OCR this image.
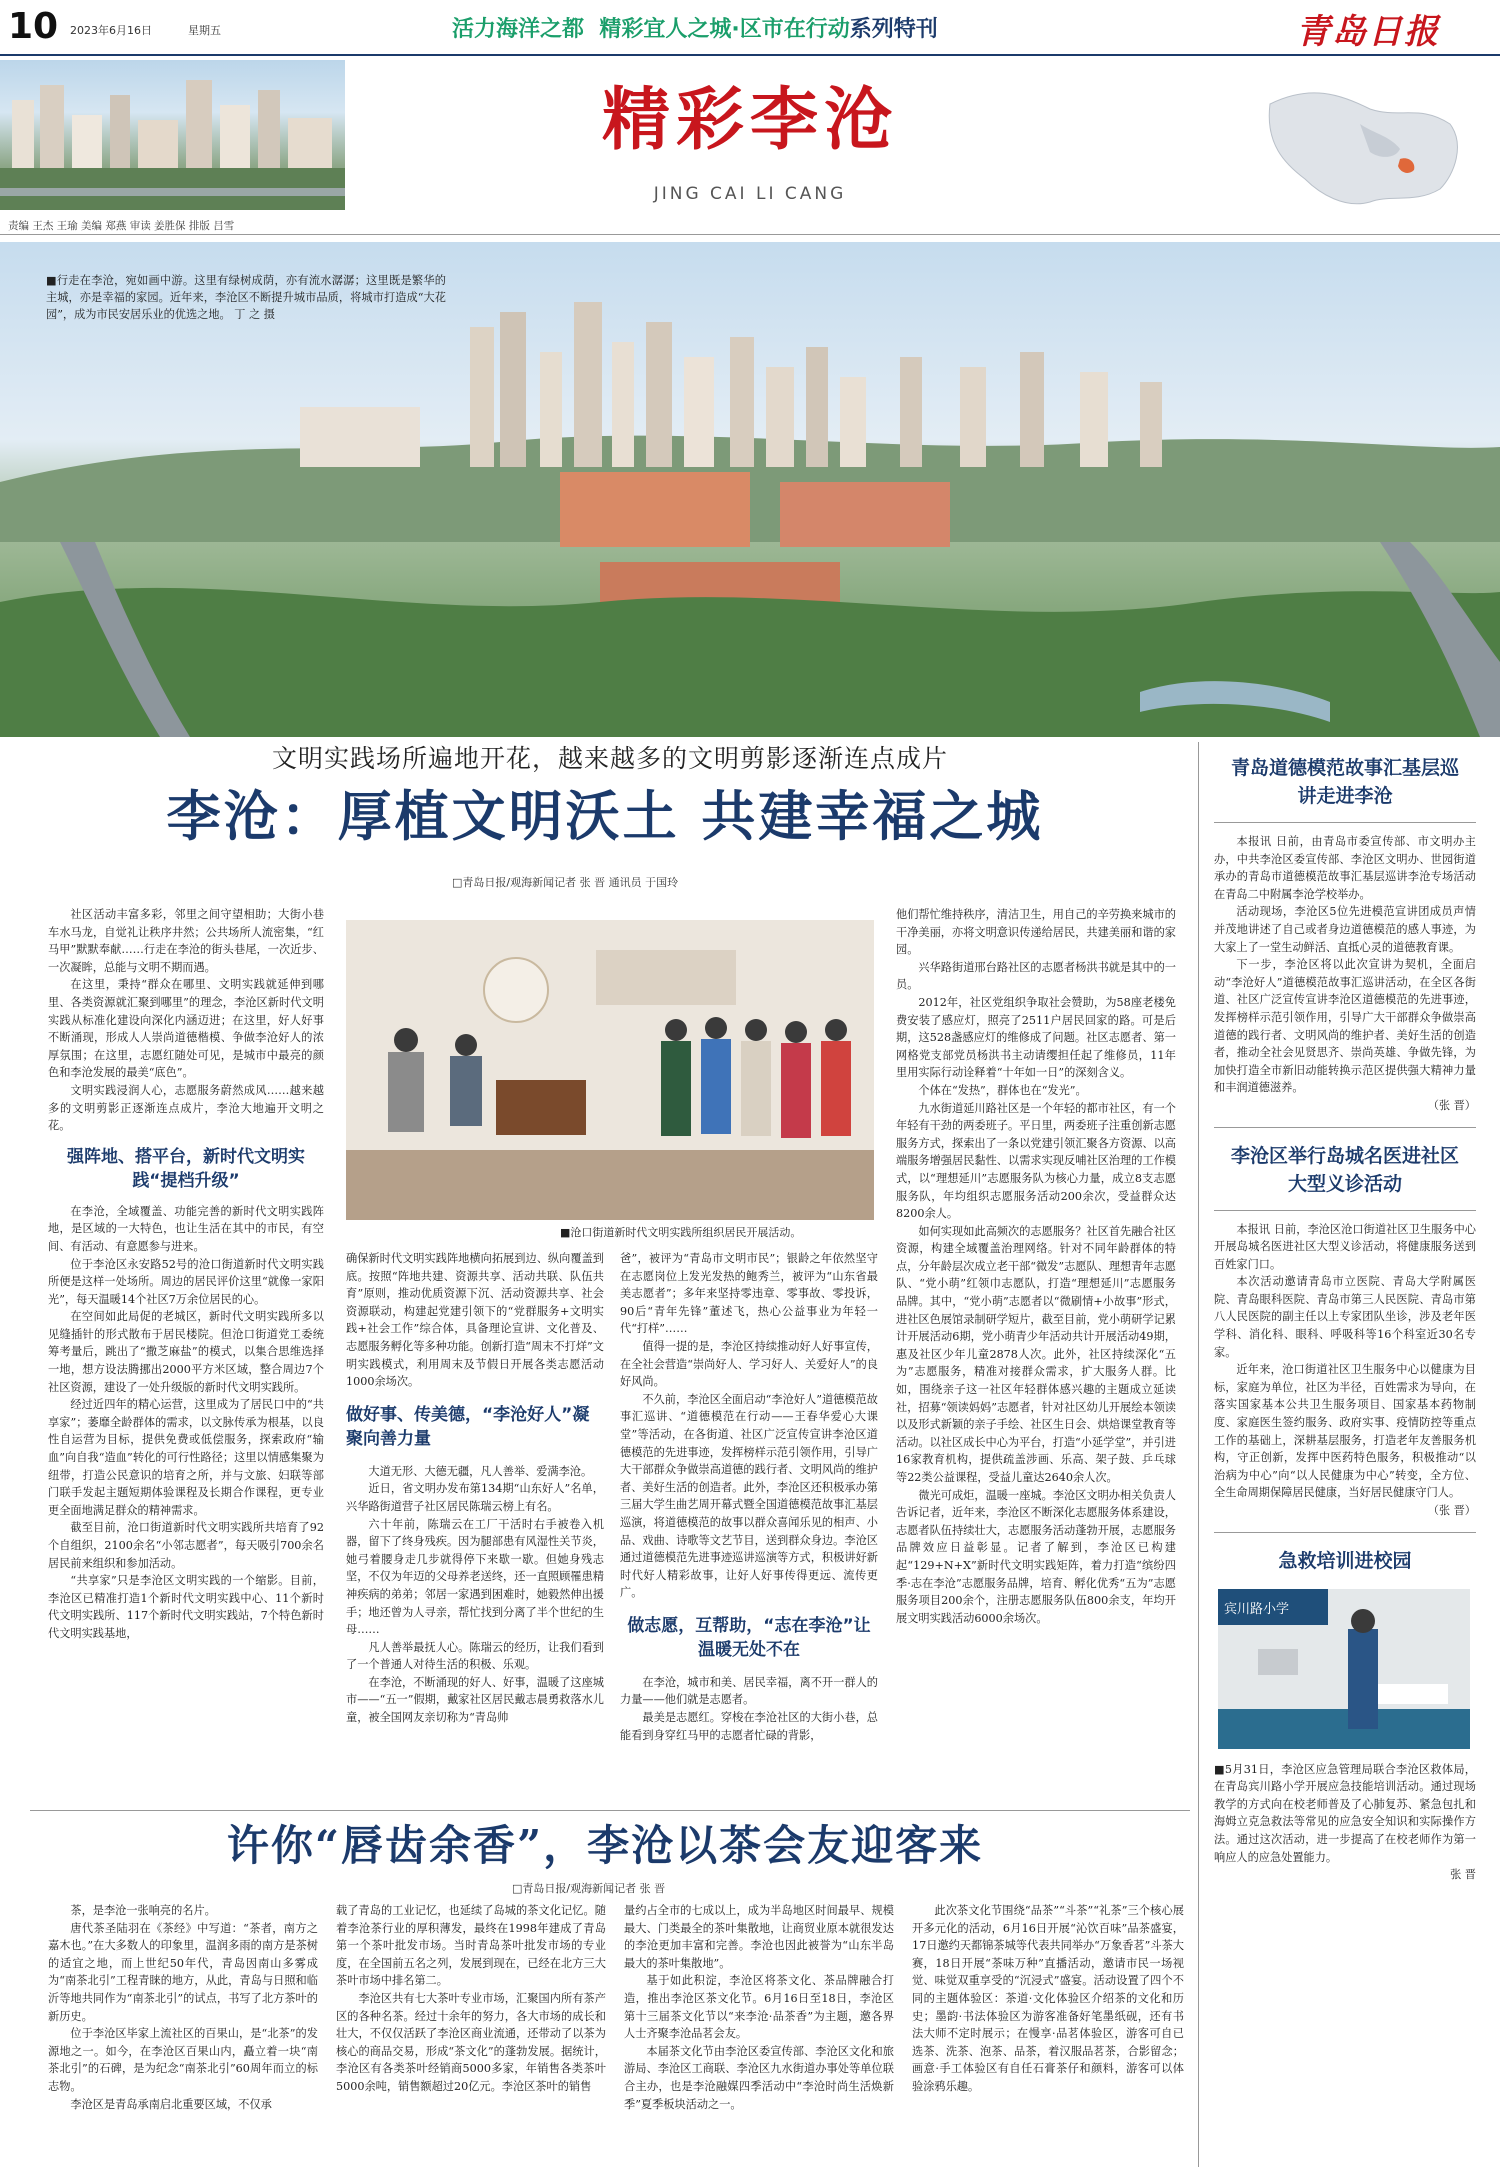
10 2023年6月16日	星期五	活力海洋之都 精彩宜人之城·区市在行动系列特刊	青岛日报
精彩李沧
JING CAI LI CANG
责编 王杰 王瑜 美编 郑燕 审读 姜胜保 排版 吕雪
■行走在李沧，宛如画中游。这里有绿树成荫，亦有流水潺潺；这里既是繁华的主城，亦是幸福的家园。近年来，李沧区不断提升城市品质，将城市打造成“大花园”，成为市民安居乐业的优选之地。 丁 之 摄
文明实践场所遍地开花，越来越多的文明剪影逐渐连点成片
李沧：厚植文明沃土 共建幸福之城
□青岛日报/观海新闻记者 张 晋 通讯员 于国玲

社区活动丰富多彩，邻里之间守望相助；大街小巷车水马龙，自觉礼让秩序井然；公共场所人流密集，“红马甲”默默奉献……行走在李沧的街头巷尾，一次近步、一次凝眸，总能与文明不期而遇。

在这里，秉持“群众在哪里、文明实践就延伸到哪里、各类资源就汇聚到哪里”的理念，李沧区新时代文明实践从标准化建设向深化内涵迈进；在这里，好人好事不断涌现，形成人人崇尚道德楷模、争做李沧好人的浓厚氛围；在这里，志愿红随处可见，是城市中最亮的颜色和李沧发展的最美“底色”。

文明实践浸润人心，志愿服务蔚然成风……越来越多的文明剪影正逐渐连点成片，李沧大地遍开文明之花。

强阵地、搭平台，新时代文明实践“提档升级”

在李沧，全域覆盖、功能完善的新时代文明实践阵地，是区域的一大特色，也让生活在其中的市民，有空间、有活动、有意愿参与进来。

位于李沧区永安路52号的沧口街道新时代文明实践所便是这样一处场所。周边的居民评价这里“就像一家阳光”，每天温暖14个社区7万余位居民的心。

在空间如此局促的老城区，新时代文明实践所多以见缝插针的形式散布于居民楼院。但沧口街道党工委统筹考量后，跳出了“撒芝麻盐”的模式，以集合思维选择一地，想方设法腾挪出2000平方米区域，整合周边7个社区资源，建设了一处升级版的新时代文明实践所。

经过近四年的精心运营，这里成为了居民口中的“共享家”；萎靡全龄群体的需求，以文脉传承为根基，以良性自运营为目标，提供免费或低偿服务，探索政府“输血”向自我“造血”转化的可行性路径；这里以情感集聚为纽带，打造公民意识的培育之所，并与文旅、妇联等部门联手发起主题短期体验课程及长期合作课程，更专业更全面地满足群众的精神需求。

截至目前，沧口街道新时代文明实践所共培育了92个自组织，2100余名“小邻志愿者”，每天吸引700余名居民前来组织和参加活动。

“共享家”只是李沧区文明实践的一个缩影。目前，李沧区已精准打造1个新时代文明实践中心、11个新时代文明实践所、117个新时代文明实践站，7个特色新时代文明实践基地，

■沧口街道新时代文明实践所组织居民开展活动。

确保新时代文明实践阵地横向拓展到边、纵向覆盖到底。按照“阵地共建、资源共享、活动共联、队伍共育”原则，推动优质资源下沉、活动资源共享、社会资源联动，构建起党建引领下的“党群服务+文明实践+社会工作”综合体，具备理论宣讲、文化普及、志愿服务孵化等多种功能。创新打造“周末不打烊”文明实践模式，利用周末及节假日开展各类志愿活动1000余场次。

做好事、传美德，“李沧好人”凝聚向善力量

大道无形、大德无疆，凡人善举、爱满李沧。

近日，省文明办发布第134期“山东好人”名单，兴华路街道营子社区居民陈瑞云榜上有名。

六十年前，陈瑞云在工厂干活时右手被卷入机器，留下了终身残疾。因为腿部患有风湿性关节炎，她弓着腰身走几步就得停下来歇一歇。但她身残志坚，不仅为年迈的父母养老送终，还一直照顾罹患精神疾病的弟弟；邻居一家遇到困难时，她毅然伸出援手；地还曾为人寻亲，帮忙找到分离了半个世纪的生母……

凡人善举最抚人心。陈瑞云的经历，让我们看到了一个普通人对待生活的积极、乐观。

在李沧，不断涌现的好人、好事，温暖了这座城市——“五一”假期，戴家社区居民戴志晨勇救落水儿童，被全国网友亲切称为“青岛帅

爸”，被评为“青岛市文明市民”；银龄之年依然坚守在志愿岗位上发光发热的鲍秀兰，被评为“山东省最美志愿者”；多年来坚持零违章、零事故、零投诉，90后“青年先锋”董述飞，热心公益事业为年轻一代“打样”……

值得一提的是，李沧区持续推动好人好事宣传，在全社会营造“崇尚好人、学习好人、关爱好人”的良好风尚。

不久前，李沧区全面启动“李沧好人”道德模范故事汇巡讲、“道德模范在行动——王春华爱心大课堂”等活动，在各街道、社区广泛宣传宣讲李沧区道德模范的先进事迹，发挥榜样示范引领作用，引导广大干部群众争做崇高道德的践行者、文明风尚的维护者、美好生活的创造者。此外，李沧区还积极承办第三届大学生曲艺周开幕式暨全国道德模范故事汇基层巡演，将道德模范的故事以群众喜闻乐见的相声、小品、戏曲、诗歌等文艺节目，送到群众身边。李沧区通过道德模范先进事迹巡讲巡演等方式，积极讲好新时代好人精彩故事，让好人好事传得更远、流传更广。

做志愿，互帮助，“志在李沧”让温暖无处不在

在李沧，城市和美、居民幸福，离不开一群人的力量——他们就是志愿者。

最美是志愿红。穿梭在李沧社区的大街小巷，总能看到身穿红马甲的志愿者忙碌的背影，

他们帮忙维持秩序，清洁卫生，用自己的辛劳换来城市的干净美丽，亦将文明意识传递给居民，共建美丽和谐的家园。

兴华路街道邢台路社区的志愿者杨洪书就是其中的一员。

2012年，社区党组织争取社会赞助，为58座老楼免费安装了感应灯，照亮了2511户居民回家的路。可是后期，这528盏感应灯的维修成了问题。社区志愿者、第一网格党支部党员杨洪书主动请缨担任起了维修员，11年里用实际行动诠释着“十年如一日”的深刻含义。

个体在“发热”，群体也在“发光”。

九水街道延川路社区是一个年轻的都市社区，有一个年轻有干劲的两委班子。平日里，两委班子注重创新志愿服务方式，探索出了一条以党建引领汇聚各方资源、以高端服务增强居民黏性、以需求实现反哺社区治理的工作模式，以“理想延川”志愿服务队为核心力量，成立8支志愿服务队，年均组织志愿服务活动200余次，受益群众达8200余人。

如何实现如此高频次的志愿服务？社区首先融合社区资源，构建全域覆盖治理网络。针对不同年龄群体的特点，分年龄层次成立老干部“微发”志愿队、理想青年志愿队、“党小萌”红领巾志愿队，打造“理想延川”志愿服务品牌。其中，“党小萌”志愿者以“微刷情+小故事”形式，进社区色展馆录制研学短片，截至目前，党小萌研学记累计开展活动6期，党小萌青少年活动共计开展活动49期，惠及社区少年儿童2878人次。此外，社区持续深化“五为”志愿服务，精准对接群众需求，扩大服务人群。比如，围绕亲子这一社区年轻群体感兴趣的主题成立延读社，招募“领读妈妈”志愿者，针对社区幼儿开展绘本领读以及形式新颖的亲子手绘、社区生日会、烘焙课堂教育等活动。以社区成长中心为平台，打造“小延学堂”，并引进16家教育机构，提供疏盖涉画、乐高、架子鼓、乒乓球等22类公益课程，受益儿童达2640余人次。

微光可成炬，温暖一座城。李沧区文明办相关负责人告诉记者，近年来，李沧区不断深化志愿服务体系建设，志愿者队伍持续壮大，志愿服务活动蓬勃开展，志愿服务品牌效应日益彰显。记者了解到，李沧区已构建起“129+N+X”新时代文明实践矩阵，着力打造“缤纷四季·志在李沧”志愿服务品牌，培育、孵化优秀“五为”志愿服务项目200余个，注册志愿服务队伍800余支，年均开展文明实践活动6000余场次。

许你“唇齿余香”，李沧以茶会友迎客来
□青岛日报/观海新闻记者 张 晋

茶，是李沧一张响亮的名片。

唐代茶圣陆羽在《茶经》中写道：“茶者，南方之嘉木也。”在大多数人的印象里，温润多雨的南方是茶树的适宜之地，而上世纪50年代，青岛因南山多雾成为“南茶北引”工程青睐的地方，从此，青岛与日照和临沂等地共同作为“南茶北引”的试点，书写了北方茶叶的新历史。

位于李沧区毕家上流社区的百果山，是“北茶”的发源地之一。如今，在李沧区百果山内，矗立着一块“南茶北引”的石碑，是为纪念“南茶北引”60周年而立的标志物。

李沧区是青岛承南启北重要区域，不仅承

载了青岛的工业记忆，也延续了岛城的茶文化记忆。随着李沧茶行业的厚积薄发，最终在1998年建成了青岛第一个茶叶批发市场。当时青岛茶叶批发市场的专业度，在全国前五名之列，发展到现在，已经在北方三大茶叶市场中排名第二。

李沧区共有七大茶叶专业市场，汇聚国内所有茶产区的各种名茶。经过十余年的努力，各大市场的成长和壮大，不仅仅活跃了李沧区商业流通，还带动了以茶为核心的商品交易，形成“茶文化”的蓬勃发展。据统计，李沧区有各类茶叶经销商5000多家，年销售各类茶叶5000余吨，销售额超过20亿元。李沧区茶叶的销售

量约占全市的七成以上，成为半岛地区时间最早、规模最大、门类最全的茶叶集散地，让商贸业原本就很发达的李沧更加丰富和完善。李沧也因此被誉为“山东半岛最大的茶叶集散地”。

基于如此积淀，李沧区将茶文化、茶品牌融合打造，推出李沧区茶文化节。6月16日至18日，李沧区第十三届茶文化节以“来李沧·品茶香”为主题，邀各界人士齐聚李沧品茗会友。

本届茶文化节由李沧区委宣传部、李沧区文化和旅游局、李沧区工商联、李沧区九水街道办事处等单位联合主办，也是李沧融媒四季活动中“李沧时尚生活焕新季”夏季板块活动之一。

此次茶文化节围绕“品茶”“斗茶”“礼茶”三个核心展开多元化的活动，6月16日开展“沁饮百味”品茶盛宴，17日邀约天都锦茶城等代表共同举办“万象香茗”斗茶大赛，18日开展“茶味万种”直播活动，邀请市民一场视觉、味觉双重享受的“沉浸式”盛宴。活动设置了四个不同的主题体验区：茶道·文化体验区介绍茶的文化和历史；墨韵·书法体验区为游客准备好笔墨纸砚，还有书法大师不定时展示；在慢享·品茗体验区，游客可自已选茶、洗茶、泡茶、品茶，着汉服品茗茶，合影留念；画意·手工体验区有自任石膏茶仔和颜料，游客可以体验涂鸦乐趣。

青岛道德模范故事汇基层巡讲走进李沧

本报讯 日前，由青岛市委宣传部、市文明办主办，中共李沧区委宣传部、李沧区文明办、世园街道承办的青岛市道德模范故事汇基层巡讲李沧专场活动在青岛二中附属李沧学校举办。

活动现场，李沧区5位先进模范宣讲团成员声情并茂地讲述了自己或者身边道德模范的感人事迹，为大家上了一堂生动鲜活、直抵心灵的道德教育课。

下一步，李沧区将以此次宣讲为契机，全面启动“李沧好人”道德模范故事汇巡讲活动，在全区各街道、社区广泛宣传宣讲李沧区道德模范的先进事迹，发挥榜样示范引领作用，引导广大干部群众争做崇高道德的践行者、文明风尚的维护者、美好生活的创造者，推动全社会见贤思齐、崇尚英雄、争做先锋，为加快打造全市新旧动能转换示范区提供强大精神力量和丰润道德滋养。

（张 晋）

李沧区举行岛城名医进社区大型义诊活动

本报讯 日前，李沧区沧口街道社区卫生服务中心开展岛城名医进社区大型义诊活动，将健康服务送到百姓家门口。

本次活动邀请青岛市立医院、青岛大学附属医院、青岛眼科医院、青岛市第三人民医院、青岛市第八人民医院的副主任以上专家团队坐诊，涉及老年医学科、消化科、眼科、呼吸科等16个科室近30名专家。

近年来，沧口街道社区卫生服务中心以健康为目标，家庭为单位，社区为半径，百姓需求为导向，在落实国家基本公共卫生服务项目、国家基本药物制度、家庭医生签约服务、政府实事、疫情防控等重点工作的基础上，深耕基层服务，打造老年友善服务机构，守正创新，发挥中医药特色服务，积极推动“以治病为中心”向“以人民健康为中心”转变，全方位、全生命周期保障居民健康，当好居民健康守门人。

（张 晋）

急救培训进校园
宾川路小学

■5月31日，李沧区应急管理局联合李沧区救体局，在青岛宾川路小学开展应急技能培训活动。通过现场教学的方式向在校老师普及了心肺复苏、紧急包扎和海姆立克急救法等常见的应急安全知识和实际操作方法。通过这次活动，进一步提高了在校老师作为第一响应人的应急处置能力。

张 晋
